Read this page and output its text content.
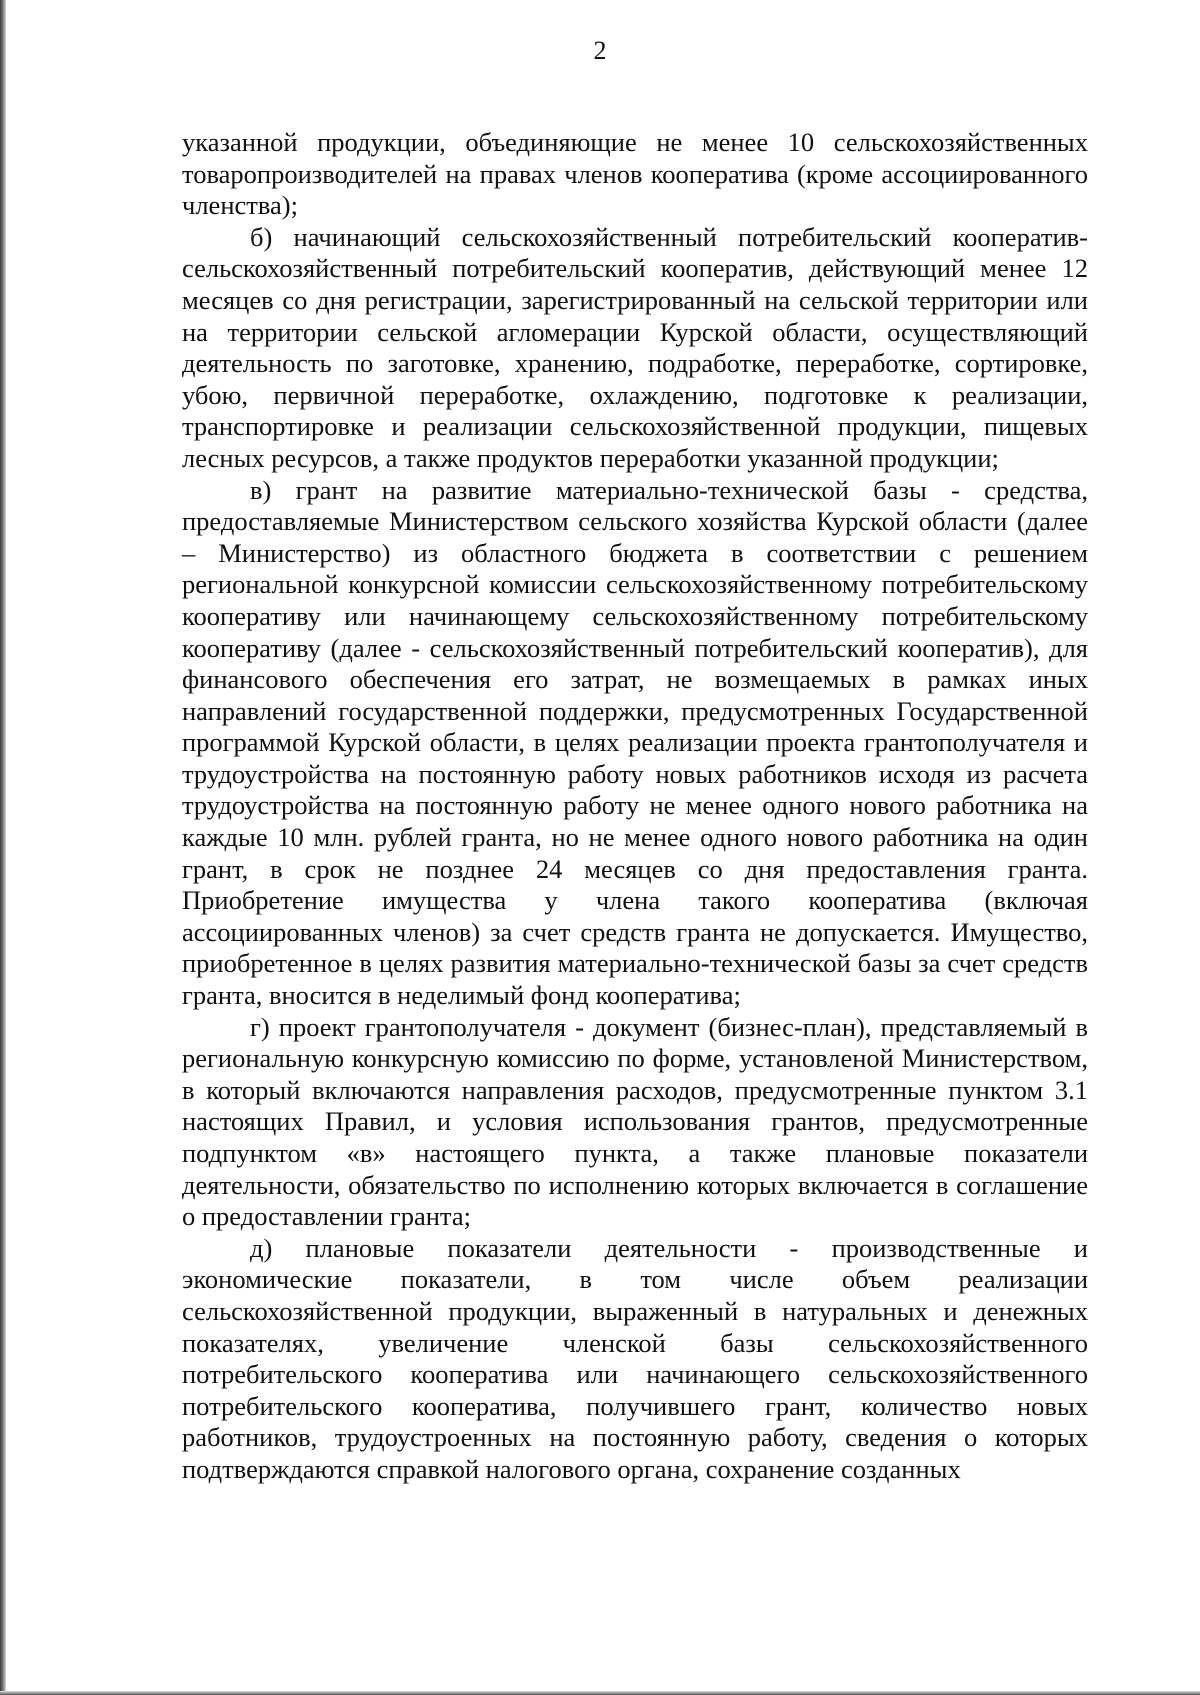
2

указанной продукции, объединяющие не менее 10 сельскохозяйственных товаропроизводителей на правах членов кооператива (кроме ассоциированного членства);

б) начинающий сельскохозяйственный потребительский кооператив- сельскохозяйственный потребительский кооператив, действующий менее 12 месяцев со дня регистрации, зарегистрированный на сельской территории или на территории сельской агломерации Курской области, осуществляющий деятельность по заготовке, хранению, подработке, переработке, сортировке, убою, первичной переработке, охлаждению, подготовке к реализации, транспортировке и реализации сельскохозяйственной продукции, пищевых лесных ресурсов, а также продуктов переработки указанной продукции;

в) грант на развитие материально-технической базы - средства, предоставляемые Министерством сельского хозяйства Курской области (далее – Министерство) из областного бюджета в соответствии с решением региональной конкурсной комиссии сельскохозяйственному потребительскому кооперативу или начинающему сельскохозяйственному потребительскому кооперативу (далее - сельскохозяйственный потребительский кооператив), для финансового обеспечения его затрат, не возмещаемых в рамках иных направлений государственной поддержки, предусмотренных Государственной программой Курской области, в целях реализации проекта грантополучателя и трудоустройства на постоянную работу новых работников исходя из расчета трудоустройства на постоянную работу не менее одного нового работника на каждые 10 млн. рублей гранта, но не менее одного нового работника на один грант, в срок не позднее 24 месяцев со дня предоставления гранта. Приобретение имущества у члена такого кооператива (включая ассоциированных членов) за счет средств гранта не допускается. Имущество, приобретенное в целях развития материально-технической базы за счет средств гранта, вносится в неделимый фонд кооператива;

г) проект грантополучателя - документ (бизнес-план), представляемый в региональную конкурсную комиссию по форме, установленой Министерством, в который включаются направления расходов, предусмотренные пунктом 3.1 настоящих Правил, и условия использования грантов, предусмотренные подпунктом «в» настоящего пункта, а также плановые показатели деятельности, обязательство по исполнению которых включается в соглашение о предоставлении гранта;

д) плановые показатели деятельности - производственные и экономические показатели, в том числе объем реализации сельскохозяйственной продукции, выраженный в натуральных и денежных показателях, увеличение членской базы сельскохозяйственного потребительского кооператива или начинающего сельскохозяйственного потребительского кооператива, получившего грант, количество новых работников, трудоустроенных на постоянную работу, сведения о которых подтверждаются справкой налогового органа, сохранение созданных
